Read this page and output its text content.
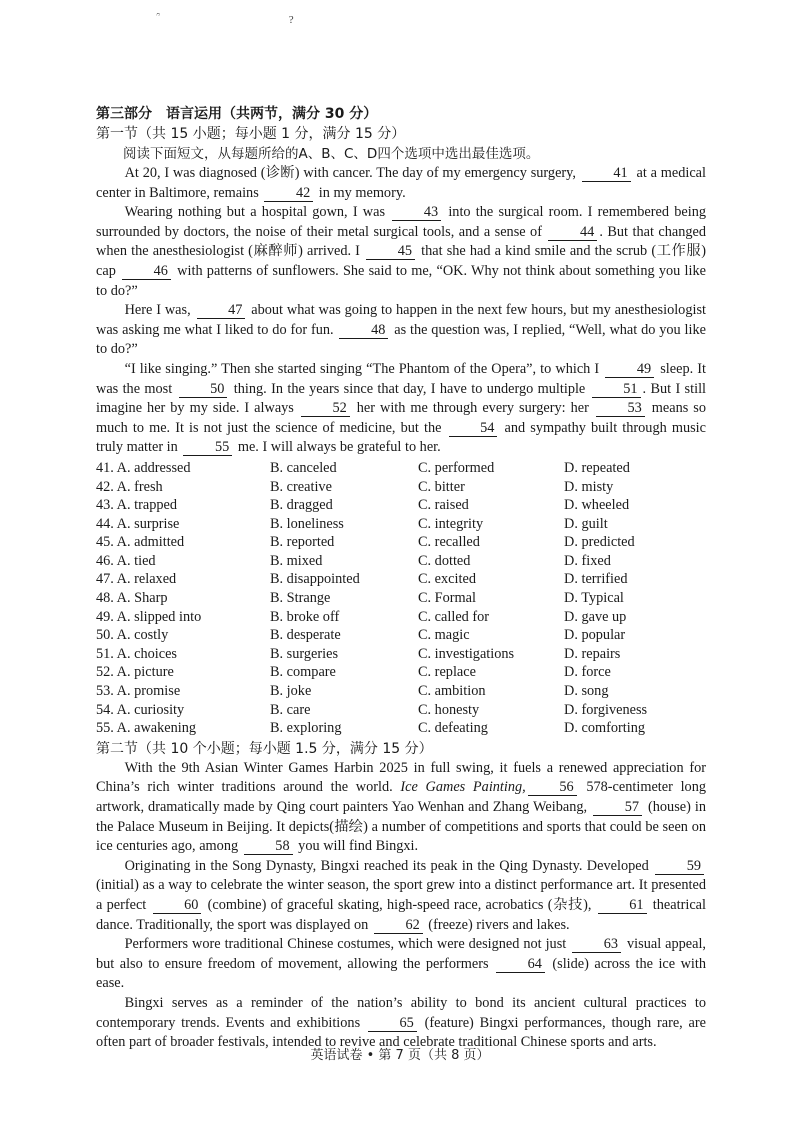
?
第三部分　语言运用（共两节，满分 30 分）
第一节（共 15 小题；每小题 1 分，满分 15 分）
阅读下面短文，从每题所给的A、B、C、D四个选项中选出最佳选项。

At 20, I was diagnosed (诊断) with cancer. The day of my emergency surgery, 41 at a medical center in Baltimore, remains 42 in my memory.

Wearing nothing but a hospital gown, I was 43 into the surgical room. I remembered being surrounded by doctors, the noise of their metal surgical tools, and a sense of 44 . But that changed when the anesthesiologist (麻醉师) arrived. I 45 that she had a kind smile and the scrub (工作服) cap 46 with patterns of sunflowers. She said to me, “OK. Why not think about something you like to do?”

Here I was, 47 about what was going to happen in the next few hours, but my anesthesiologist was asking me what I liked to do for fun. 48 as the question was, I replied, “Well, what do you like to do?”

“I like singing.” Then she started singing “The Phantom of the Opera”, to which I 49 sleep. It was the most 50 thing. In the years since that day, I have to undergo multiple 51 . But I still imagine her by my side. I always 52 her with me through every surgery: her 53 means so much to me. It is not just the science of medicine, but the 54 and sympathy built through music truly matter in 55 me. I will always be grateful to her.

41. A. addressed	B. canceled	C. performed	D. repeated
42. A. fresh	B. creative	C. bitter	D. misty
43. A. trapped	B. dragged	C. raised	D. wheeled
44. A. surprise	B. loneliness	C. integrity	D. guilt
45. A. admitted	B. reported	C. recalled	D. predicted
46. A. tied	B. mixed	C. dotted	D. fixed
47. A. relaxed	B. disappointed	C. excited	D. terrified
48. A. Sharp	B. Strange	C. Formal	D. Typical
49. A. slipped into	B. broke off	C. called for	D. gave up
50. A. costly	B. desperate	C. magic	D. popular
51. A. choices	B. surgeries	C. investigations	D. repairs
52. A. picture	B. compare	C. replace	D. force
53. A. promise	B. joke	C. ambition	D. song
54. A. curiosity	B. care	C. honesty	D. forgiveness
55. A. awakening	B. exploring	C. defeating	D. comforting
第二节（共 10 个小题；每小题 1.5 分，满分 15 分）

With the 9th Asian Winter Games Harbin 2025 in full swing, it fuels a renewed appreciation for China’s rich winter traditions around the world. Ice Games Painting, 56 578-centimeter long artwork, dramatically made by Qing court painters Yao Wenhan and Zhang Weibang, 57 (house) in the Palace Museum in Beijing. It depicts(描绘) a number of competitions and sports that could be seen on ice centuries ago, among 58 you will find Bingxi.

Originating in the Song Dynasty, Bingxi reached its peak in the Qing Dynasty. Developed 59 (initial) as a way to celebrate the winter season, the sport grew into a distinct performance art. It presented a perfect 60 (combine) of graceful skating, high-speed race, acrobatics (杂技), 61 theatrical dance. Traditionally, the sport was displayed on 62 (freeze) rivers and lakes.

Performers wore traditional Chinese costumes, which were designed not just 63 visual appeal, but also to ensure freedom of movement, allowing the performers 64 (slide) across the ice with ease.

Bingxi serves as a reminder of the nation’s ability to bond its ancient cultural practices to contemporary trends. Events and exhibitions 65 (feature) Bingxi performances, though rare, are often part of broader festivals, intended to revive and celebrate traditional Chinese sports and arts.

英语试卷 • 第 7 页（共 8 页）
